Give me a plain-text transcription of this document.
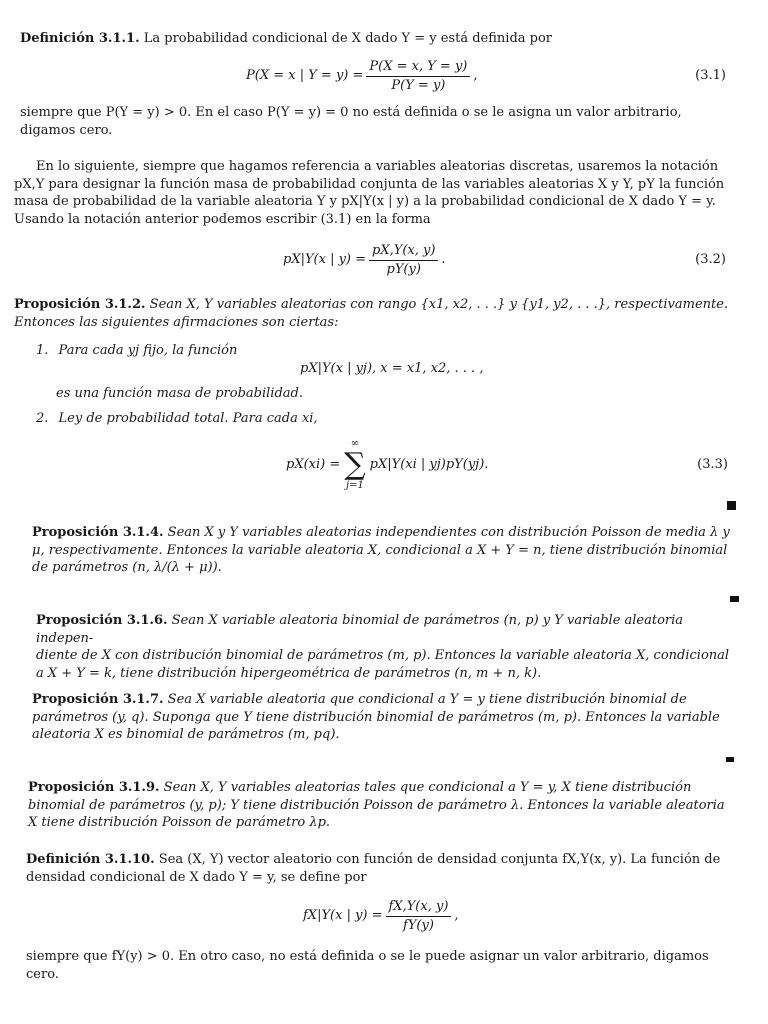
Definición 3.1.1. La probabilidad condicional de X dado Y = y está definida por
P(X = x | $Y = y) = \frac{P(X = x, Y = y)}{P(Y = y)}$ ,	(3.1)
siempre que P(Y = y) > 0. En el caso P(Y = y) = 0 no está definida o se le asigna un valor arbitrario,
digamos cero.
En lo siguiente, siempre que hagamos referencia a variables aleatorias discretas, usaremos la notación
pX,Y para designar la función masa de probabilidad conjunta de las variables aleatorias X y Y, pY la función
masa de probabilidad de la variable aleatoria Y y pX|Y(x | y) a la probabilidad condicional de X dado Y = y.
Usando la notación anterior podemos escribir (3.1) en la forma
pX|Y(x | $y) = \frac{pX,Y(x, y)}{pY(y)}$ .	(3.2)
Proposición 3.1.2. Sean X, Y variables aleatorias con rango {x1, x2, . . .} y {y1, y2, . . .}, respectivamente.
Entonces las siguientes afirmaciones son ciertas:
1. Para cada yj fijo, la función
pX|Y(x | yj), x = x1, x2, . . . ,
es una función masa de probabilidad.
2. Ley de probabilidad total. Para cada xi,
pX(xi) =
∞
∑
j=1
pX|Y(xi | yj)pY(yj).	(3.3)
Proposición 3.1.4. Sean X y Y variables aleatorias independientes con distribución Poisson de media λ y
μ, respectivamente. Entonces la variable aleatoria X, condicional a X + Y = n, tiene distribución binomial
de parámetros (n, λ/(λ + μ)).
Proposición 3.1.6. Sean X variable aleatoria binomial de parámetros (n, p) y Y variable aleatoria indepen-
diente de X con distribución binomial de parámetros (m, p). Entonces la variable aleatoria X, condicional
a X + Y = k, tiene distribución hipergeométrica de parámetros (n, m + n, k).
Proposición 3.1.7. Sea X variable aleatoria que condicional a Y = y tiene distribución binomial de
parámetros (y, q). Suponga que Y tiene distribución binomial de parámetros (m, p). Entonces la variable
aleatoria X es binomial de parámetros (m, pq).
Proposición 3.1.9. Sean X, Y variables aleatorias tales que condicional a Y = y, X tiene distribución
binomial de parámetros (y, p); Y tiene distribución Poisson de parámetro λ. Entonces la variable aleatoria
X tiene distribución Poisson de parámetro λp.
Definición 3.1.10. Sea (X, Y) vector aleatorio con función de densidad conjunta fX,Y(x, y). La función de
densidad condicional de X dado Y = y, se define por
fX|Y(x | $y) = \frac{fX,Y(x, y)}{fY(y)}$ ,
siempre que fY(y) > 0. En otro caso, no está definida o se le puede asignar un valor arbitrario, digamos
cero.
